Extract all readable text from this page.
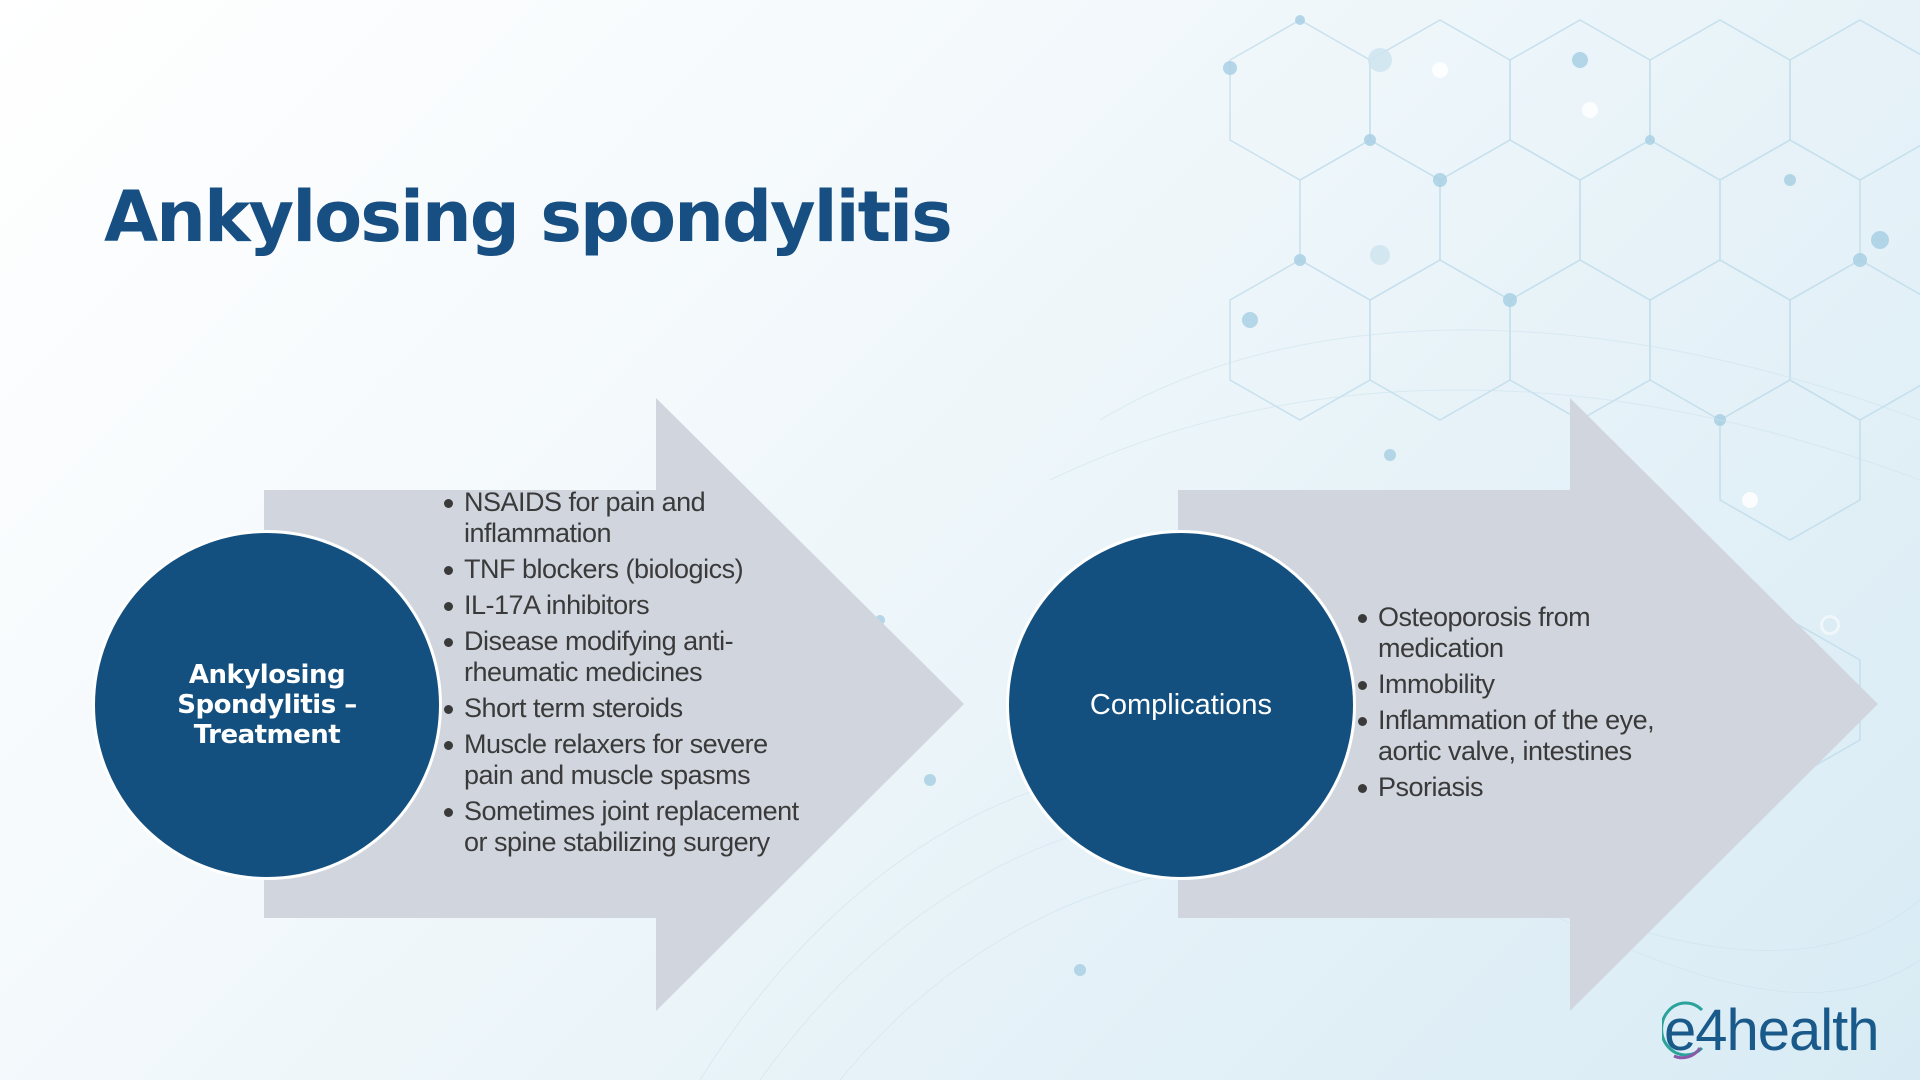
Ankylosing spondylitis
Ankylosing Spondylitis – Treatment
NSAIDS for pain and inflammation
TNF blockers (biologics)
IL-17A inhibitors
Disease modifying anti-rheumatic medicines
Short term steroids
Muscle relaxers for severe pain and muscle spasms
Sometimes joint replacement or spine stabilizing surgery
Complications
Osteoporosis from medication
Immobility
Inflammation of the eye, aortic valve, intestines
Psoriasis
e4health
